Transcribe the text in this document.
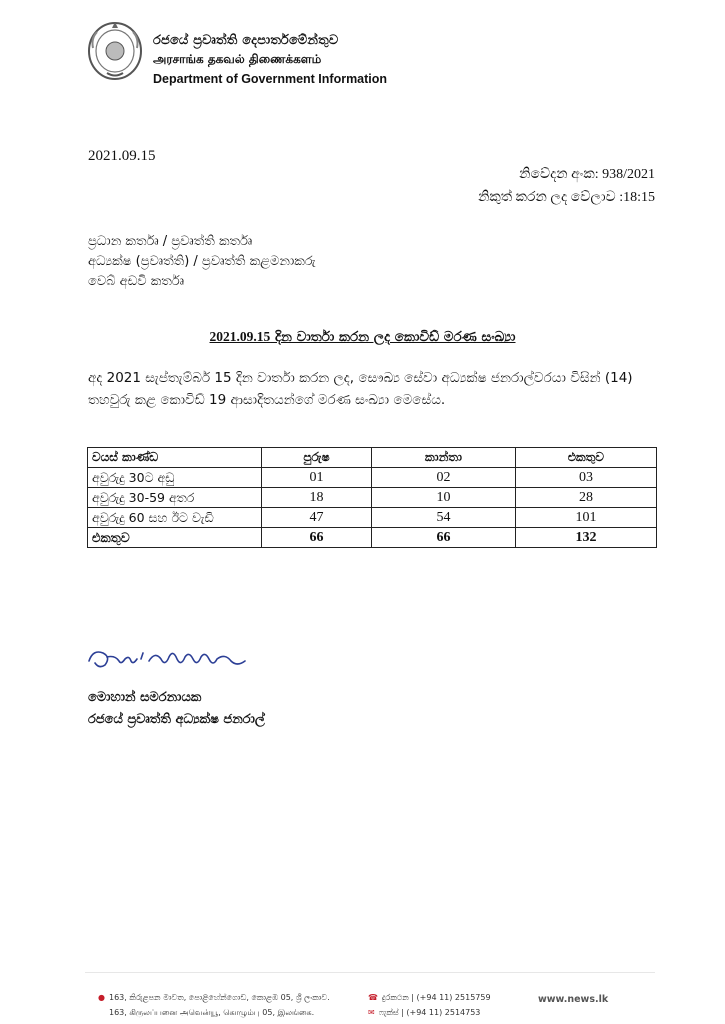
රජයේ ප්‍රවෘත්ති දෙපාර්තමේන්තුව
அரசாங்க தகவல் திணைக்களம்
Department of Government Information
2021.09.15
නිවේදන අංක: 938/2021
නිකුත් කරන ලද වේලාව :18:15
ප්‍රධාන කර්තෘ / ප්‍රවෘත්ති කර්තෘ
අධ්‍යක්ෂ (ප්‍රවෘත්ති) / ප්‍රවෘත්ති කළමනාකරු
වෙබ් අඩවි කර්තෘ
2021.09.15 දින වාර්තා කරන ලද කොවිඩ් මරණ සංඛ්‍යා
අද 2021 සැප්තැම්බර් 15 දින වාර්තා කරන ලද, සෞඛ්‍ය සේවා අධ්‍යක්ෂ ජනරාල්වරයා විසින් (14) තහවුරු කළ කොවිඩ් 19 ආසාදිතයන්ගේ මරණ සංඛ්‍යා මෙසේය.
වයස් කාණ්ඩ	පුරුෂ	කාන්තා	එකතුව
අවුරුදු 30ට අඩු	01	02	03
අවුරුදු 30-59 අතර	18	10	28
අවුරුදු 60 සහ ඊට වැඩි	47	54	101
එකතුව	66	66	132
මොහාන් සමරනායක
රජයේ ප්‍රවෘත්ති අධ්‍යක්ෂ ජනරාල්
● 163, කිරුළපන මාවත, පොළිහේන්ගොඩ, කොළඹ 05, ශ්‍රී ලංකාව.
163, கிருலப்பனை அவென்யூ, கொழும்பு 05, இலங்கை.
☎ දුරකථන | (+94 11) 2515759
✉ ෆැක්ස් | (+94 11) 2514753
www.news.lk
